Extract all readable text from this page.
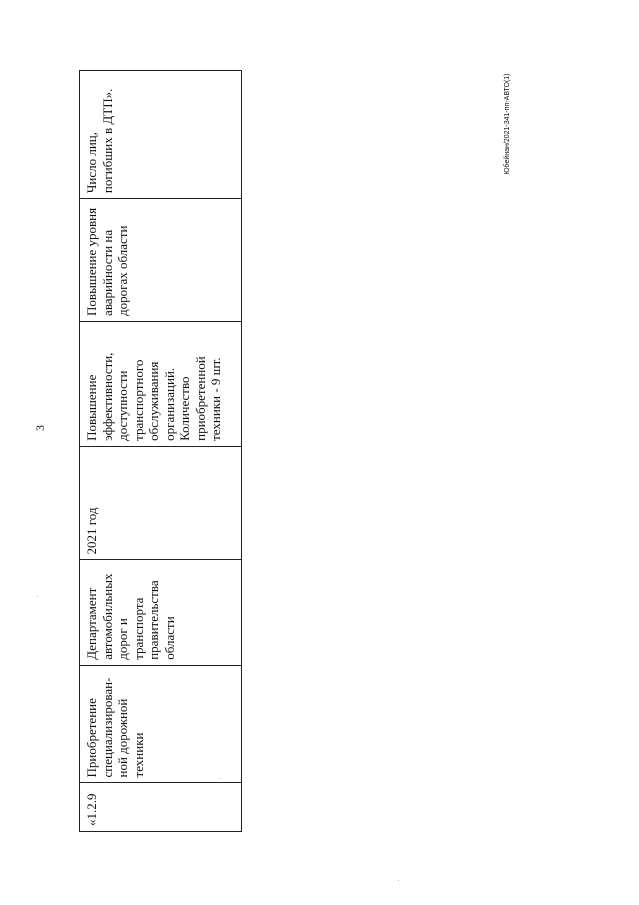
3
Юбейнан/2021-341-пп-АВТО(1)
«1.2.9	Приобретение специализирован-ной дорожной техники	Департамент автомобильных дорог и транспорта правительства области	2021 год	Повышение эффективности, доступности транспортного обслуживания организаций. Количество приобретенной техники - 9 шт.	Повышение уровня аварийности на дорогах области	Число лиц, погибших в ДТП».
